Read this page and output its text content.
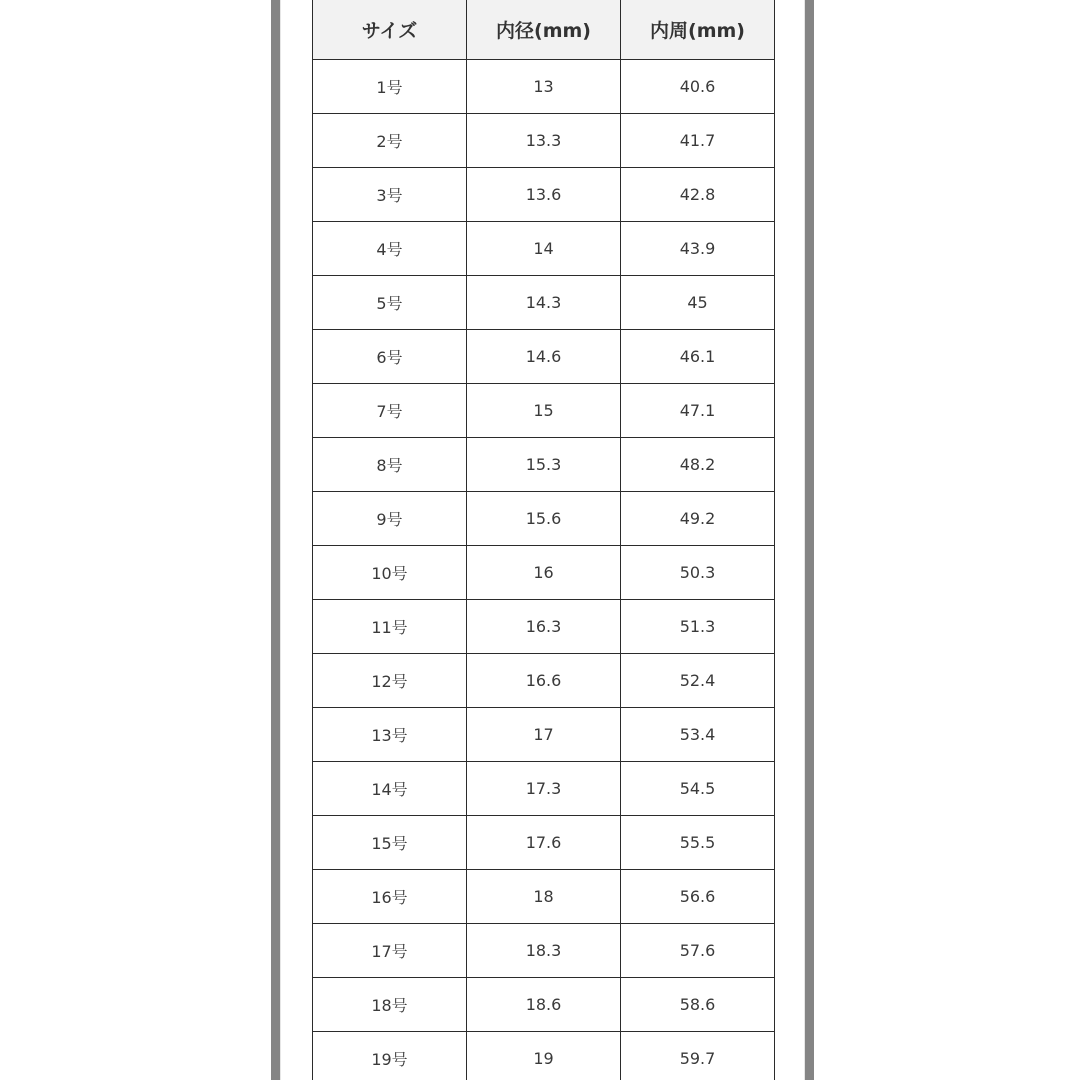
サイズ	内径(mm)	内周(mm)
1号	13	40.6
2号	13.3	41.7
3号	13.6	42.8
4号	14	43.9
5号	14.3	45
6号	14.6	46.1
7号	15	47.1
8号	15.3	48.2
9号	15.6	49.2
10号	16	50.3
11号	16.3	51.3
12号	16.6	52.4
13号	17	53.4
14号	17.3	54.5
15号	17.6	55.5
16号	18	56.6
17号	18.3	57.6
18号	18.6	58.6
19号	19	59.7
